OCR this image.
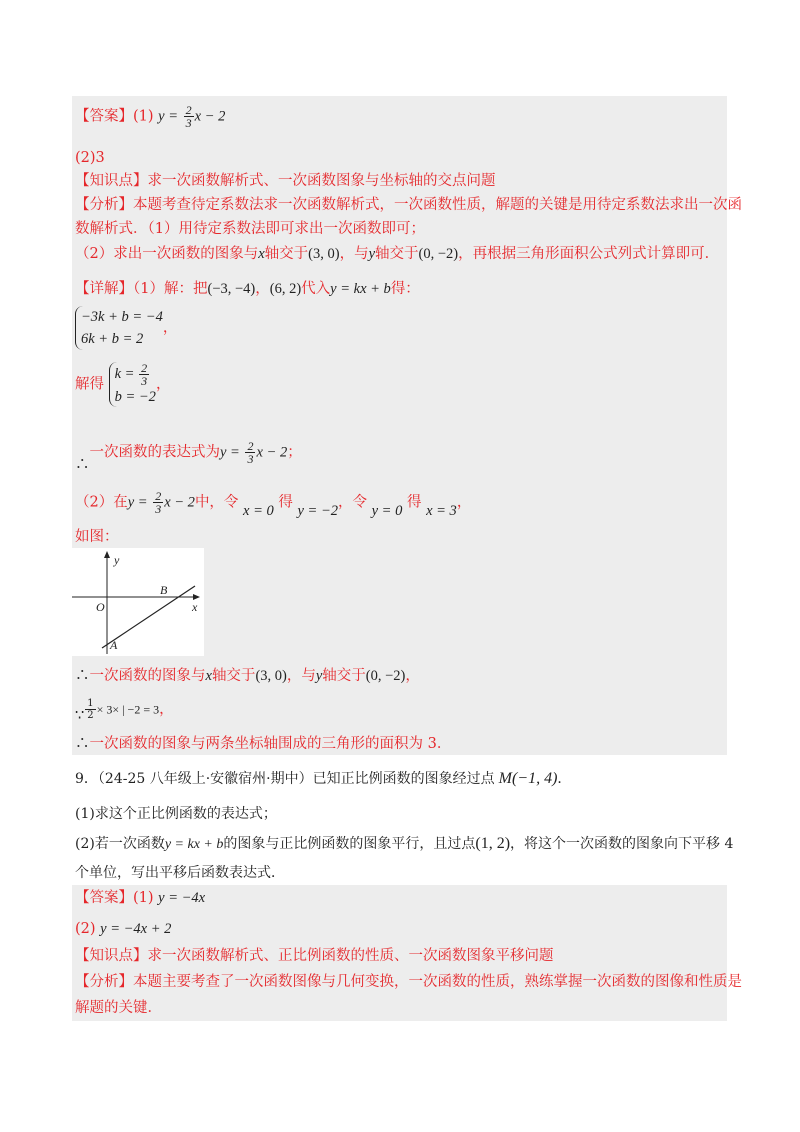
【答案】(1) $y = \frac{2}{3}$ x − 2
(2)3
【知识点】求一次函数解析式、一次函数图象与坐标轴的交点问题
【分析】本题考查待定系数法求一次函数解析式，一次函数性质，解题的关键是用待定系数法求出一次函
数解析式．（1）用待定系数法即可求出一次函数即可；
（2）求出一次函数的图象与x轴交于(3, 0)，与y轴交于(0, −2)，再根据三角形面积公式列式计算即可．
【详解】（1）解：把(−3, −4)，(6, 2)代入y = kx + b得：
−3k + b = −4
6k + b = 2，
解得 $k = \frac{2}{3}$

b = −2，
∴一次函数的表达式为$y = \frac{2}{3}$ x − 2；
（2）在$y = \frac{2}{3}$ x − 2中，令 x = 0 得 y = −2，令 y = 0 得 x = 3，
如图：
y
x
O
B
A
∴一次函数的图象与x轴交于(3, 0)，与y轴交于(0, −2)，
∵ $\frac{1}{2} \times 3\times$ | −2 = 3，
∴一次函数的图象与两条坐标轴围成的三角形的面积为 3．
9．（24-25 八年级上·安徽宿州·期中）已知正比例函数的图象经过点 M(−1, 4)．
(1)求这个正比例函数的表达式；
(2)若一次函数y = kx + b的图象与正比例函数的图象平行，且过点(1, 2)，将这个一次函数的图象向下平移 4
个单位，写出平移后函数表达式．
【答案】(1) y = −4x
(2) y = −4x + 2
【知识点】求一次函数解析式、正比例函数的性质、一次函数图象平移问题
【分析】本题主要考查了一次函数图像与几何变换，一次函数的性质，熟练掌握一次函数的图像和性质是
解题的关键．
